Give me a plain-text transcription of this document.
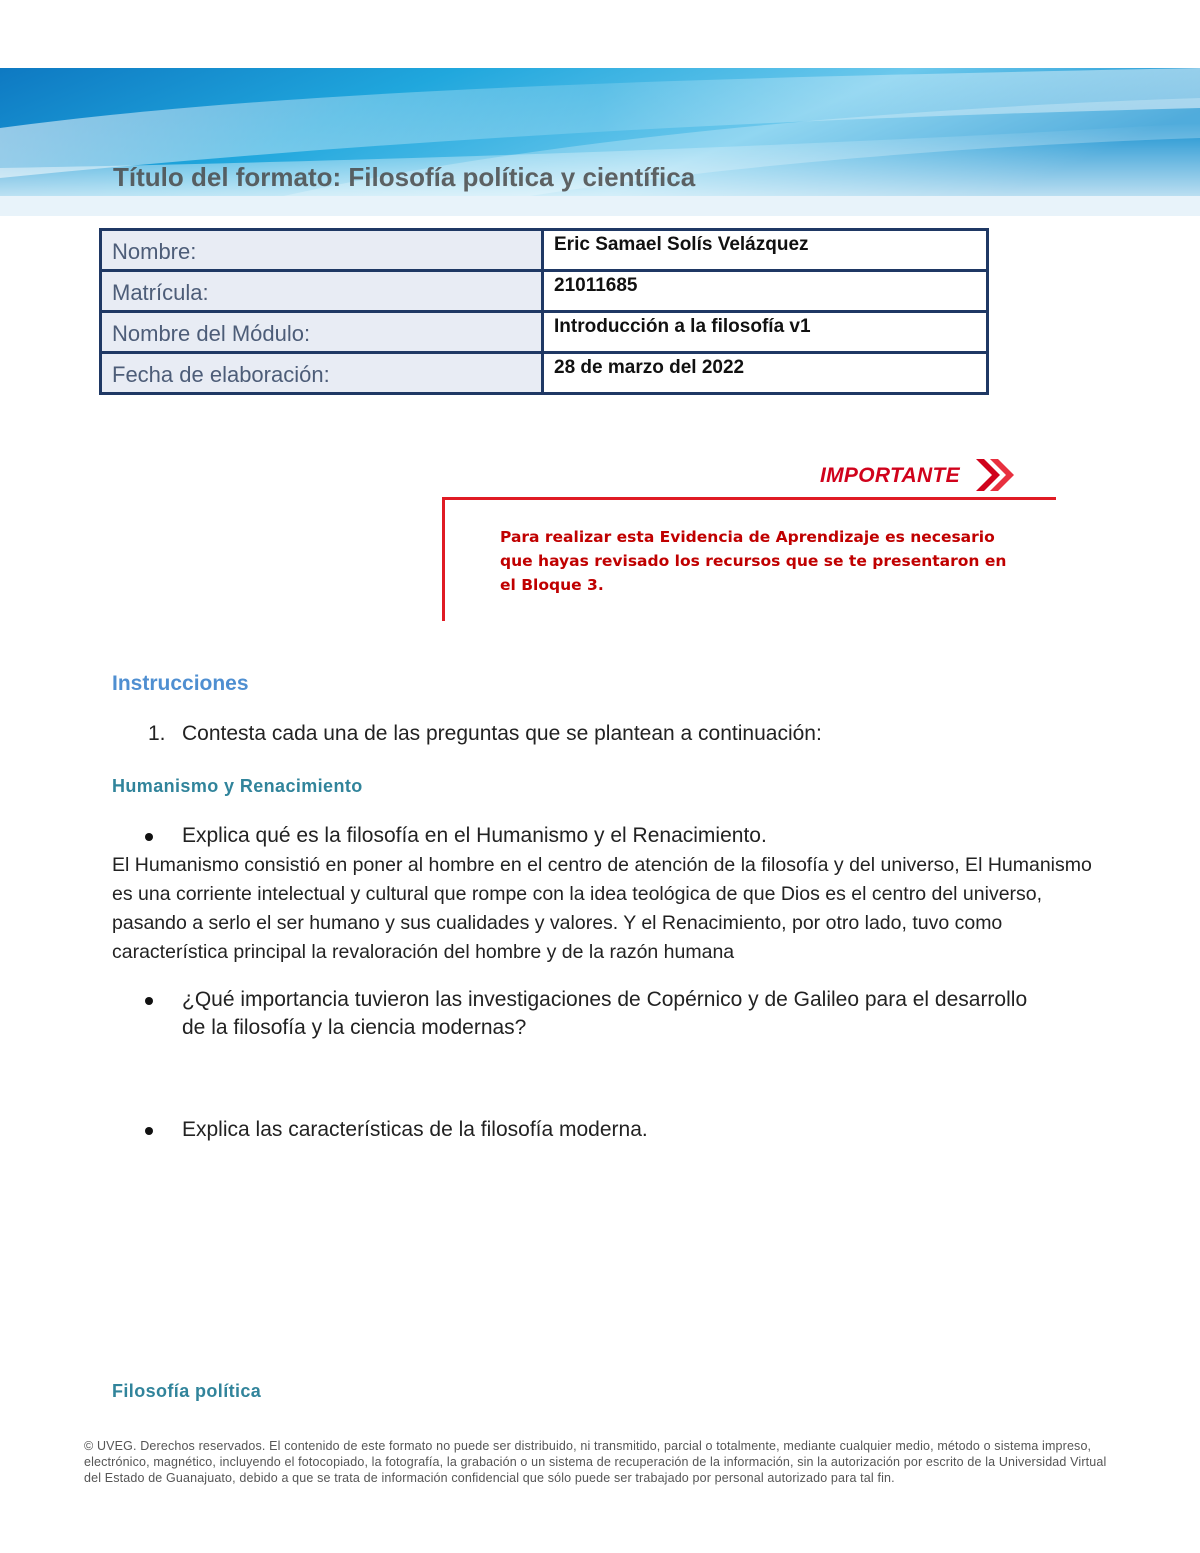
Título del formato: Filosofía política y científica
Nombre:	Eric Samael Solís Velázquez
Matrícula:	21011685
Nombre del Módulo:	Introducción a la filosofía v1
Fecha de elaboración:	28 de marzo del 2022
IMPORTANTE
Para realizar esta Evidencia de Aprendizaje es necesario que hayas revisado los recursos que se te presentaron en el Bloque 3.
Instrucciones
1. Contesta cada una de las preguntas que se plantean a continuación:
Humanismo y Renacimiento
Explica qué es la filosofía en el Humanismo y el Renacimiento.
El Humanismo consistió en poner al hombre en el centro de atención de la filosofía y del universo, El Humanismo es una corriente intelectual y cultural que rompe con la idea teológica de que Dios es el centro del universo, pasando a serlo el ser humano y sus cualidades y valores. Y el Renacimiento, por otro lado, tuvo como característica principal la revaloración del hombre y de la razón humana
¿Qué importancia tuvieron las investigaciones de Copérnico y de Galileo para el desarrollo de la filosofía y la ciencia modernas?
Explica las características de la filosofía moderna.
Filosofía política
© UVEG. Derechos reservados. El contenido de este formato no puede ser distribuido, ni transmitido, parcial o totalmente, mediante cualquier medio, método o sistema impreso, electrónico, magnético, incluyendo el fotocopiado, la fotografía, la grabación o un sistema de recuperación de la información, sin la autorización por escrito de la Universidad Virtual del Estado de Guanajuato, debido a que se trata de información confidencial que sólo puede ser trabajado por personal autorizado para tal fin.
